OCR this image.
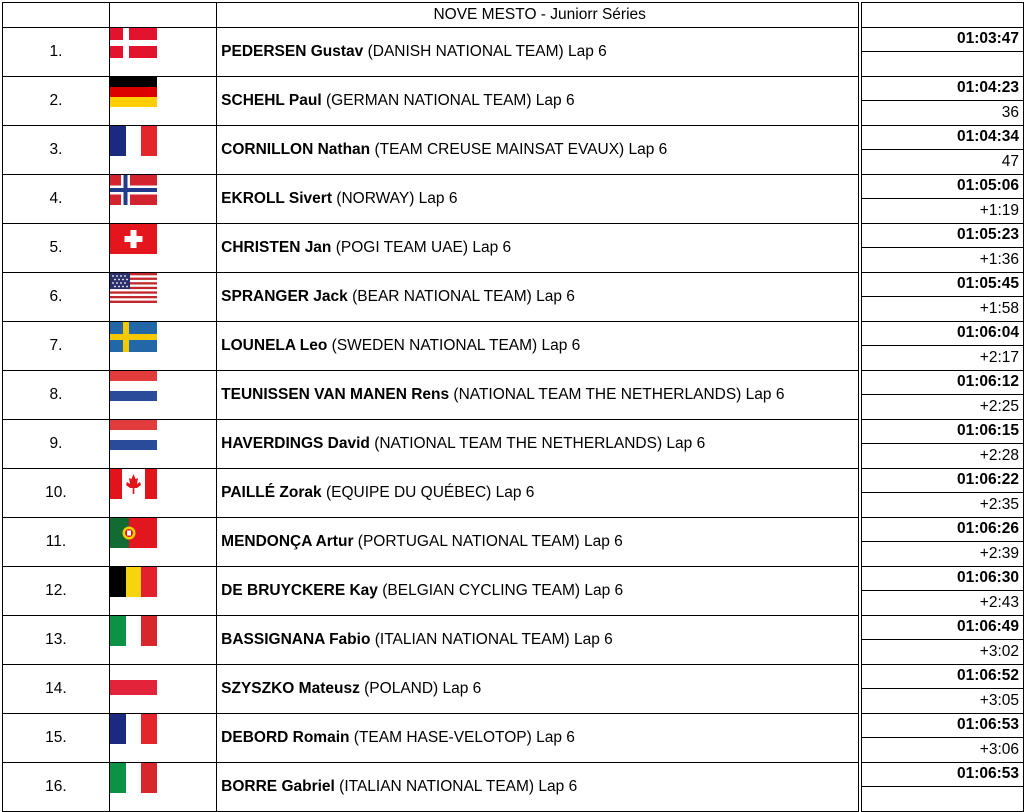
		NOVE MESTO - Juniorr Séries		
1.		PEDERSEN Gustav (DANISH NATIONAL TEAM) Lap 6		01:03:47

2.		SCHEHL Paul (GERMAN NATIONAL TEAM) Lap 6		01:04:23
				36
3.		CORNILLON Nathan (TEAM CREUSE MAINSAT EVAUX) Lap 6		01:04:34
				47
4.		EKROLL Sivert (NORWAY) Lap 6		01:05:06
				+1:19
5.		CHRISTEN Jan (POGI TEAM UAE) Lap 6		01:05:23
				+1:36
6.		SPRANGER Jack (BEAR NATIONAL TEAM) Lap 6		01:05:45
				+1:58
7.		LOUNELA Leo (SWEDEN NATIONAL TEAM) Lap 6		01:06:04
				+2:17
8.		TEUNISSEN VAN MANEN Rens (NATIONAL TEAM THE NETHERLANDS) Lap 6		01:06:12
				+2:25
9.		HAVERDINGS David (NATIONAL TEAM THE NETHERLANDS) Lap 6		01:06:15
				+2:28
10.		PAILLÉ Zorak (EQUIPE DU QUÉBEC) Lap 6		01:06:22
				+2:35
11.		MENDONÇA Artur (PORTUGAL NATIONAL TEAM) Lap 6		01:06:26
				+2:39
12.		DE BRUYCKERE Kay (BELGIAN CYCLING TEAM) Lap 6		01:06:30
				+2:43
13.		BASSIGNANA Fabio (ITALIAN NATIONAL TEAM) Lap 6		01:06:49
				+3:02
14.		SZYSZKO Mateusz (POLAND) Lap 6		01:06:52
				+3:05
15.		DEBORD Romain (TEAM HASE-VELOTOP) Lap 6		01:06:53
				+3:06
16.		BORRE Gabriel (ITALIAN NATIONAL TEAM) Lap 6		01:06:53
